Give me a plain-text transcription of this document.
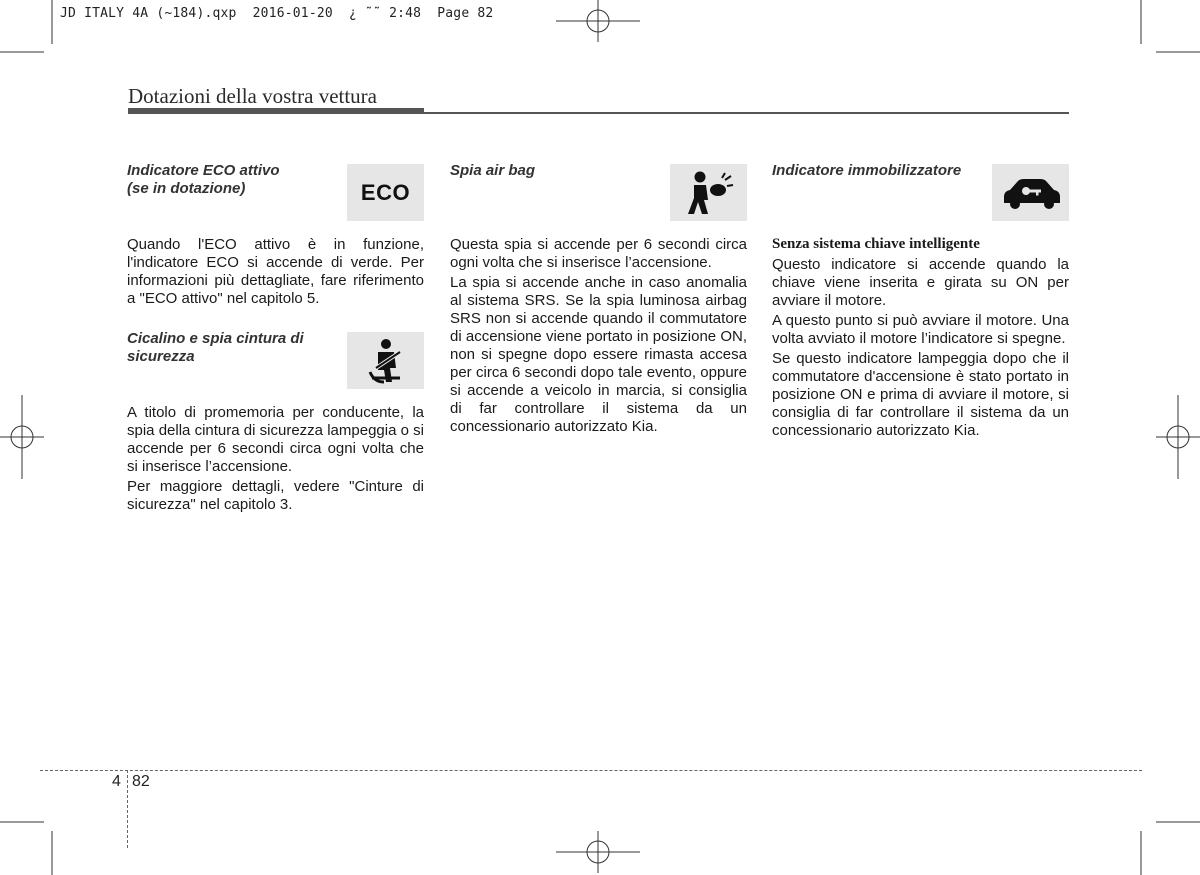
JD ITALY 4A (~184).qxp  2016-01-20  ¿ ˜˜ 2:48  Page 82
Dotazioni della vostra vettura
Indicatore ECO attivo
(se in dotazione)	ECO

Quando l'ECO attivo è in funzione, l'indicatore ECO si accende di verde. Per informazioni più dettagliate, fare riferimento a "ECO attivo" nel capitolo 5.

Cicalino e spia cintura di
sicurezza

A titolo di promemoria per conducente, la spia della cintura di sicurezza lampeggia o si accende per 6 secondi circa ogni volta che si inserisce l’accensione.

Per maggiore dettagli, vedere "Cinture di sicurezza" nel capitolo 3.

Spia air bag

Questa spia si accende per 6 secondi circa ogni volta che si inserisce l’accensione.

La spia si accende anche in caso anomalia al sistema SRS. Se la spia luminosa airbag SRS non si accende quando il commutatore di accensione viene portato in posizione ON, non si spegne dopo essere rimasta accesa per circa 6 secondi dopo tale evento, oppure si accende a veicolo in marcia, si consiglia di far controllare il sistema da un concessionario autorizzato Kia.

Indicatore immobilizzatore

Senza sistema chiave intelligente

Questo indicatore si accende quando la chiave viene inserita e girata su ON per avviare il motore.

A questo punto si può avviare il motore. Una volta avviato il motore l’indicatore si spegne.

Se questo indicatore lampeggia dopo che il commutatore d'accensione è stato portato in posizione ON e prima di avviare il motore, si consiglia di far controllare il sistema da un concessionario autorizzato Kia.

4 82
